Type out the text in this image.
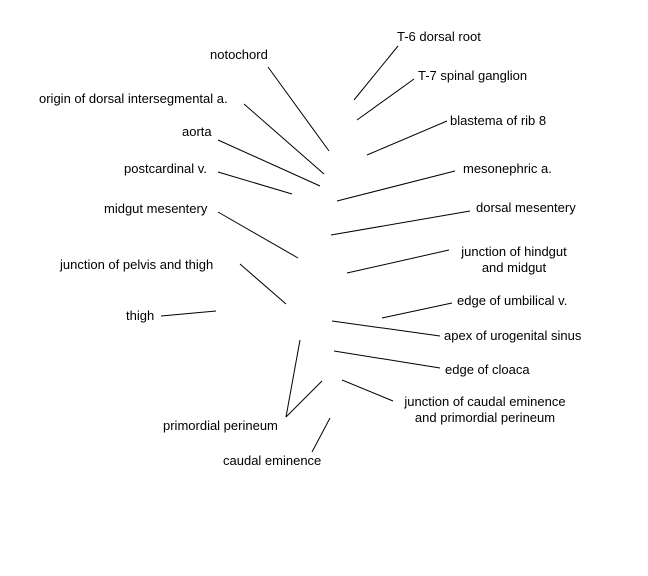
T-6 dorsal root
T-7 spinal ganglion
blastema of rib 8
mesonephric a.
dorsal mesentery
junction of hindgut
and midgut
edge of umbilical v.
apex of urogenital sinus
edge of cloaca
junction of caudal eminence
and primordial perineum
notochord
origin of dorsal intersegmental a.
aorta
postcardinal v.
midgut mesentery
junction of pelvis and thigh
thigh
primordial perineum
caudal eminence
